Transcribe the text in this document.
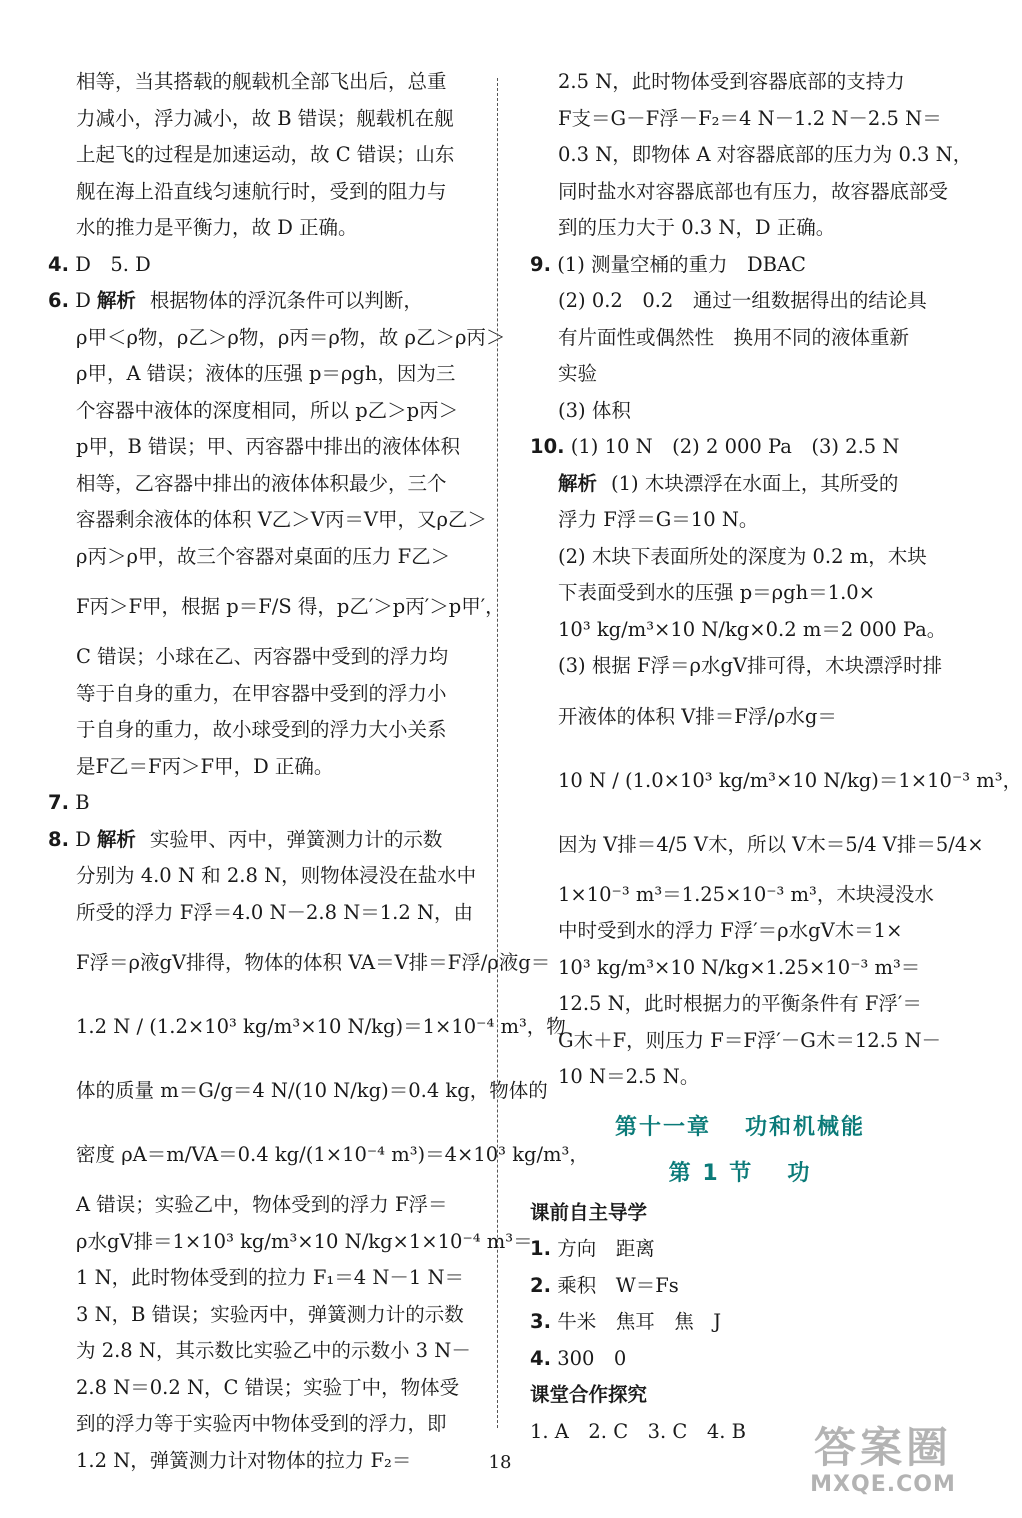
相等，当其搭载的舰载机全部飞出后，总重
力减小，浮力减小，故 B 错误；舰载机在舰
上起飞的过程是加速运动，故 C 错误；山东
舰在海上沿直线匀速航行时，受到的阻力与
水的推力是平衡力，故 D 正确。
4. D　5. D
6. D 解析 根据物体的浮沉条件可以判断，
ρ甲＜ρ物，ρ乙＞ρ物，ρ丙＝ρ物，故 ρ乙＞ρ丙＞
ρ甲，A 错误；液体的压强 p＝ρgh，因为三
个容器中液体的深度相同，所以 p乙＞p丙＞
p甲，B 错误；甲、丙容器中排出的液体体积
相等，乙容器中排出的液体体积最少，三个
容器剩余液体的体积 V乙＞V丙＝V甲，又ρ乙＞
ρ丙＞ρ甲，故三个容器对桌面的压力 F乙＞
F丙＞F甲，根据 p＝F/S 得，p乙′＞p丙′＞p甲′，
C 错误；小球在乙、丙容器中受到的浮力均
等于自身的重力，在甲容器中受到的浮力小
于自身的重力，故小球受到的浮力大小关系
是F乙＝F丙＞F甲，D 正确。
7. B
8. D 解析 实验甲、丙中，弹簧测力计的示数
分别为 4.0 N 和 2.8 N，则物体浸没在盐水中
所受的浮力 F浮＝4.0 N－2.8 N＝1.2 N，由
F浮＝ρ液gV排得，物体的体积 VA＝V排＝F浮/ρ液g＝
1.2 N / (1.2×10³ kg/m³×10 N/kg)＝1×10⁻⁴ m³，物
体的质量 m＝G/g＝4 N/(10 N/kg)＝0.4 kg，物体的
密度 ρA＝m/VA＝0.4 kg/(1×10⁻⁴ m³)＝4×10³ kg/m³，
A 错误；实验乙中，物体受到的浮力 F浮＝
ρ水gV排＝1×10³ kg/m³×10 N/kg×1×10⁻⁴ m³＝
1 N，此时物体受到的拉力 F₁＝4 N－1 N＝
3 N，B 错误；实验丙中，弹簧测力计的示数
为 2.8 N，其示数比实验乙中的示数小 3 N－
2.8 N＝0.2 N，C 错误；实验丁中，物体受
到的浮力等于实验丙中物体受到的浮力，即
1.2 N，弹簧测力计对物体的拉力 F₂＝
2.5 N，此时物体受到容器底部的支持力
F支＝G－F浮－F₂＝4 N－1.2 N－2.5 N＝
0.3 N，即物体 A 对容器底部的压力为 0.3 N，
同时盐水对容器底部也有压力，故容器底部受
到的压力大于 0.3 N，D 正确。
9. (1) 测量空桶的重力　DBAC
(2) 0.2　0.2　通过一组数据得出的结论具
有片面性或偶然性　换用不同的液体重新
实验
(3) 体积
10. (1) 10 N　(2) 2 000 Pa　(3) 2.5 N
解析 (1) 木块漂浮在水面上，其所受的
浮力 F浮＝G＝10 N。
(2) 木块下表面所处的深度为 0.2 m，木块
下表面受到水的压强 p＝ρgh＝1.0×
10³ kg/m³×10 N/kg×0.2 m＝2 000 Pa。
(3) 根据 F浮＝ρ水gV排可得，木块漂浮时排
开液体的体积 V排＝F浮/ρ水g＝
10 N / (1.0×10³ kg/m³×10 N/kg)＝1×10⁻³ m³，
因为 V排＝4/5 V木，所以 V木＝5/4 V排＝5/4×
1×10⁻³ m³＝1.25×10⁻³ m³，木块浸没水
中时受到水的浮力 F浮′＝ρ水gV木＝1×
10³ kg/m³×10 N/kg×1.25×10⁻³ m³＝
12.5 N，此时根据力的平衡条件有 F浮′＝
G木＋F，则压力 F＝F浮′－G木＝12.5 N－
10 N＝2.5 N。
第十一章 功和机械能
第 1 节 功
课前自主导学
1. 方向　距离
2. 乘积　W＝Fs
3. 牛米　焦耳　焦　J
4. 300　0
课堂合作探究
1. A　2. C　3. C　4. B
18	答案圈
MXQE.COM
